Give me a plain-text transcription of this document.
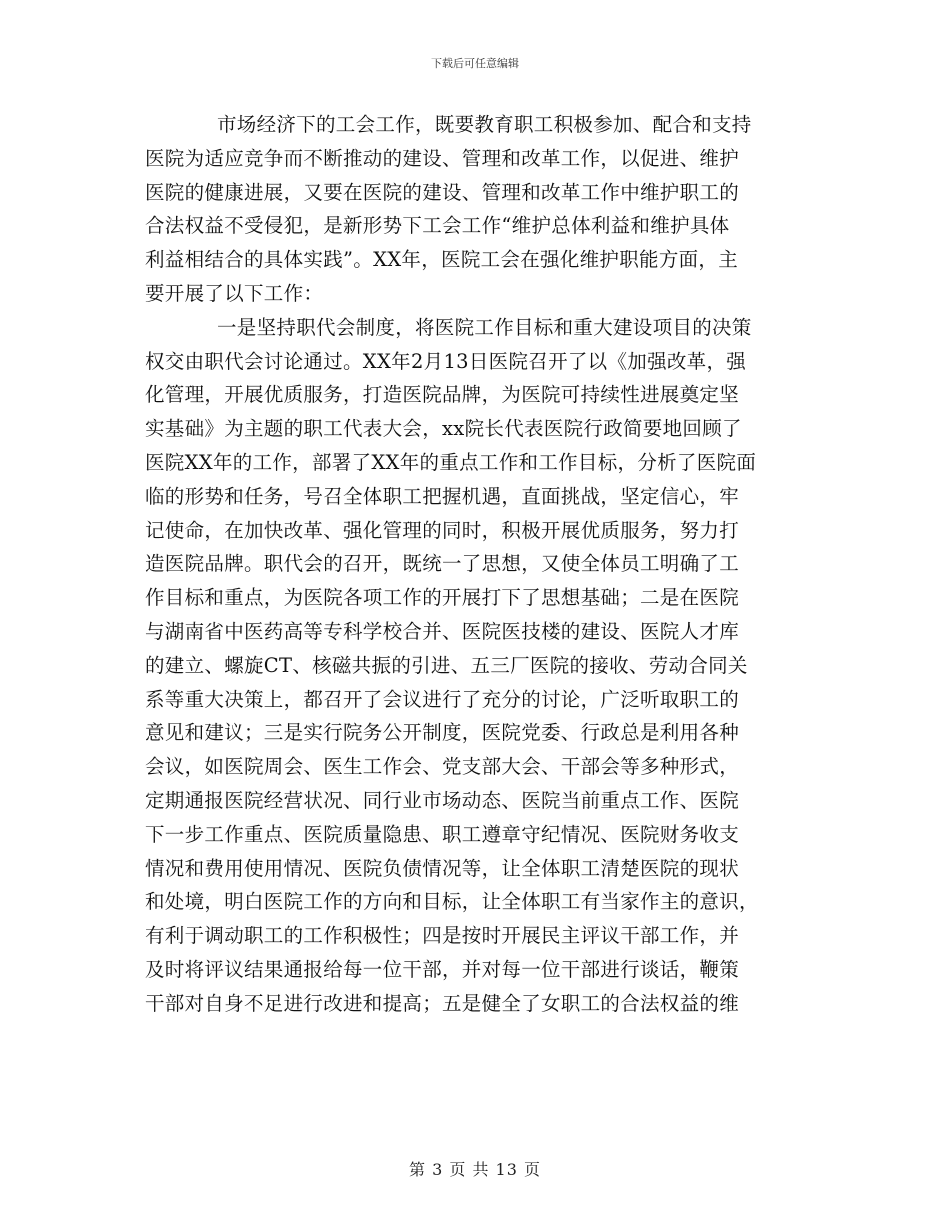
下载后可任意编辑
市场经济下的工会工作，既要教育职工积极参加、配合和支持
医院为适应竞争而不断推动的建设、管理和改革工作，以促进、维护
医院的健康进展，又要在医院的建设、管理和改革工作中维护职工的
合法权益不受侵犯，是新形势下工会工作“维护总体利益和维护具体
利益相结合的具体实践”。XX年，医院工会在强化维护职能方面，主
要开展了以下工作：
一是坚持职代会制度，将医院工作目标和重大建设项目的决策
权交由职代会讨论通过。XX年2月13日医院召开了以《加强改革，强
化管理，开展优质服务，打造医院品牌，为医院可持续性进展奠定坚
实基础》为主题的职工代表大会，xx院长代表医院行政简要地回顾了
医院XX年的工作，部署了XX年的重点工作和工作目标，分析了医院面
临的形势和任务，号召全体职工把握机遇，直面挑战，坚定信心，牢
记使命，在加快改革、强化管理的同时，积极开展优质服务，努力打
造医院品牌。职代会的召开，既统一了思想，又使全体员工明确了工
作目标和重点，为医院各项工作的开展打下了思想基础；二是在医院
与湖南省中医药高等专科学校合并、医院医技楼的建设、医院人才库
的建立、螺旋CT、核磁共振的引进、五三厂医院的接收、劳动合同关
系等重大决策上，都召开了会议进行了充分的讨论，广泛听取职工的
意见和建议；三是实行院务公开制度，医院党委、行政总是利用各种
会议，如医院周会、医生工作会、党支部大会、干部会等多种形式，
定期通报医院经营状况、同行业市场动态、医院当前重点工作、医院
下一步工作重点、医院质量隐患、职工遵章守纪情况、医院财务收支
情况和费用使用情况、医院负债情况等，让全体职工清楚医院的现状
和处境，明白医院工作的方向和目标，让全体职工有当家作主的意识，
有利于调动职工的工作积极性；四是按时开展民主评议干部工作，并
及时将评议结果通报给每一位干部，并对每一位干部进行谈话，鞭策
干部对自身不足进行改进和提高；五是健全了女职工的合法权益的维
第 3 页 共 13 页
